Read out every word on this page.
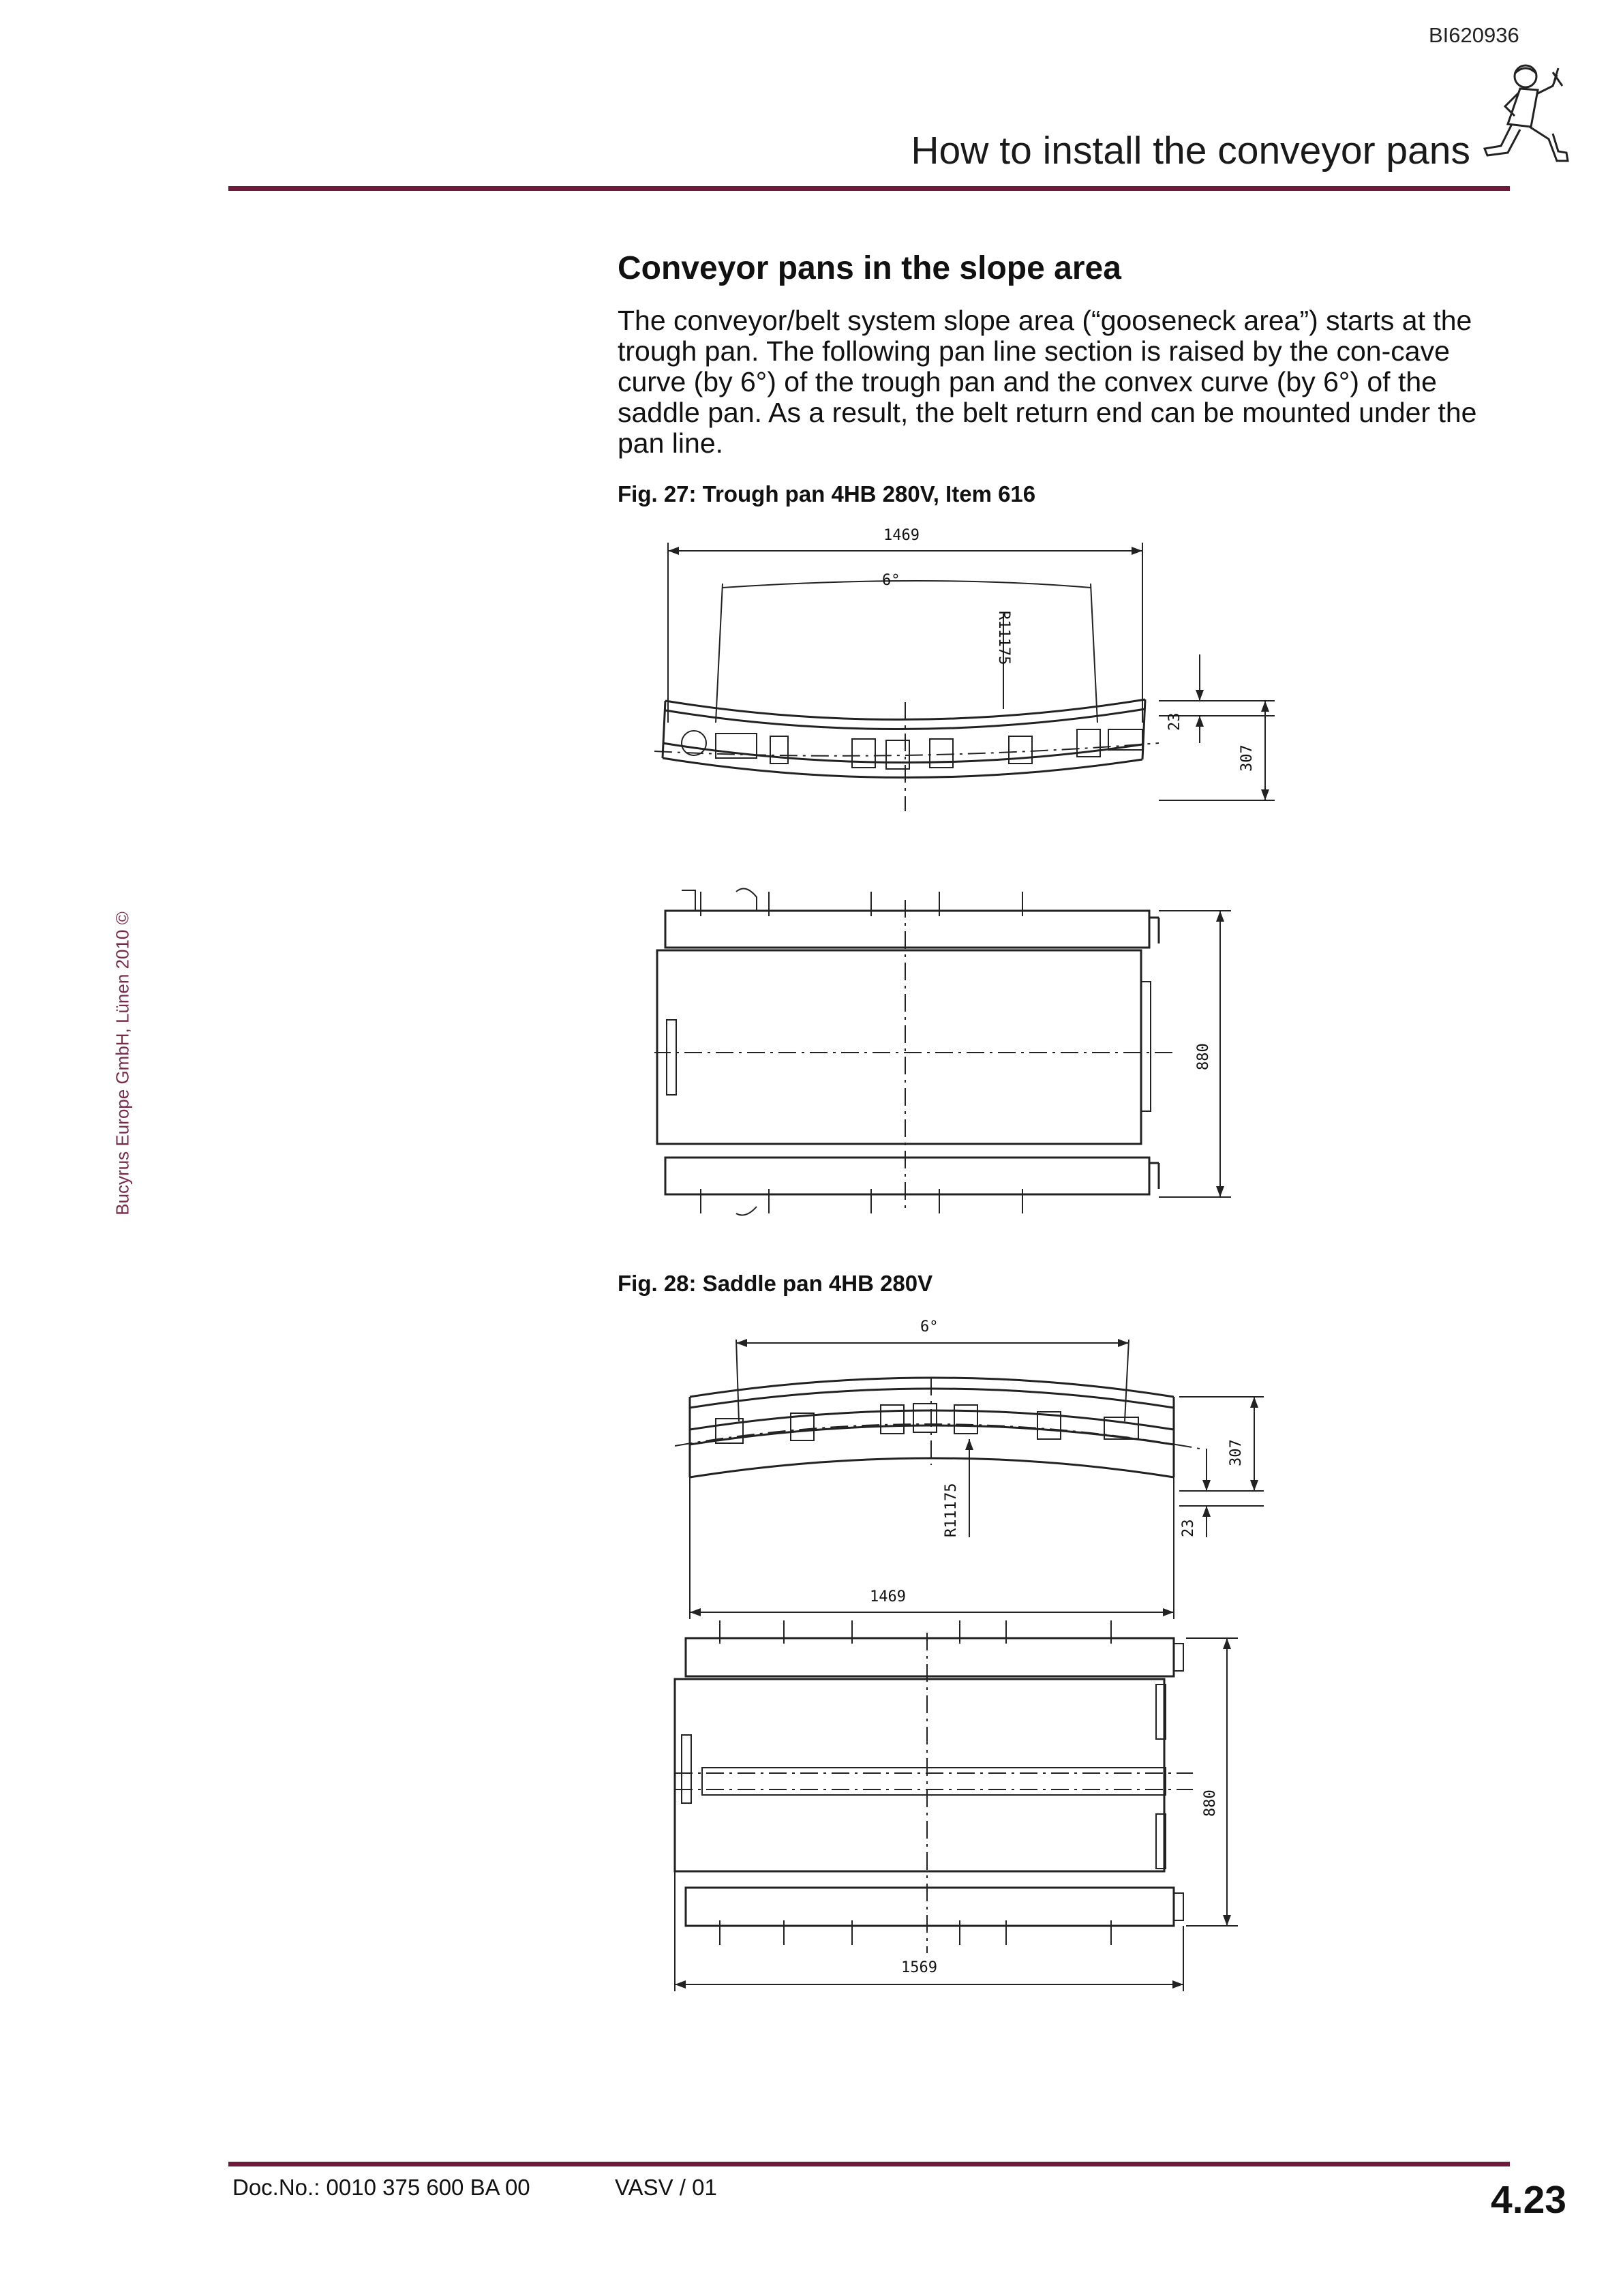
BI620936
How to install the conveyor pans
Conveyor pans in the slope area
The conveyor/belt system slope area (“gooseneck area”) starts at the trough pan. The following pan line section is raised by the con-cave curve (by 6°) of the trough pan and the convex curve (by 6°) of the saddle pan. As a result, the belt return end can be mounted under the pan line.
Fig. 27: Trough pan 4HB 280V, Item 616
1469
6°
R11175
23
307
880
Fig. 28: Saddle pan 4HB 280V
6°
R11175
1469
307
23
880
1569
Bucyrus Europe GmbH, Lünen 2010 ©
Doc.No.: 0010 375 600 BA 00	VASV / 01	4.23
